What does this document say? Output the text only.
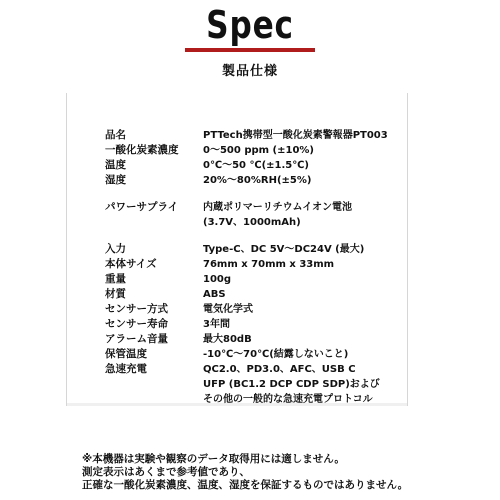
Spec
製品仕様
品名	PTTech携帯型一酸化炭素警報器PT003
一酸化炭素濃度	0～500 ppm (±10%)
温度	0℃～50 ℃(±1.5℃)
湿度	20%～80%RH(±5%)
パワーサプライ	内蔵ポリマーリチウムイオン電池
(3.7V、1000mAh)
入力	Type-C、DC 5V～DC24V (最大)
本体サイズ	76mm x 70mm x 33mm
重量	100g
材質	ABS
センサー方式	電気化学式
センサー寿命	3年間
アラーム音量	最大80dB
保管温度	-10℃～70℃(結露しないこと)
急速充電	QC2.0、PD3.0、AFC、USB C
UFP (BC1.2 DCP CDP SDP)および
その他の一般的な急速充電プロトコル
※本機器は実験や観察のデータ取得用には適しません。
測定表示はあくまで参考値であり、
正確な一酸化炭素濃度、温度、湿度を保証するものではありません。
